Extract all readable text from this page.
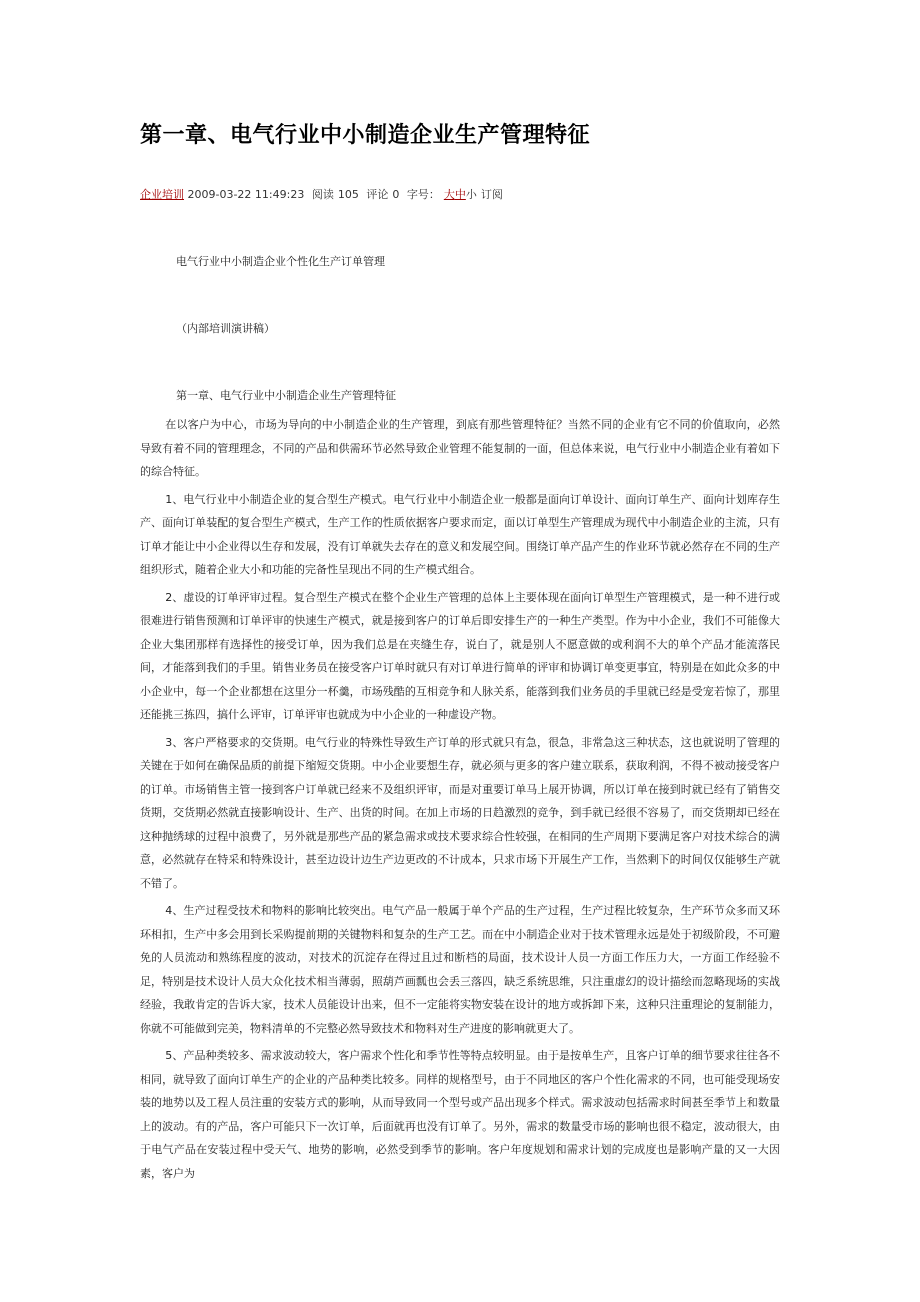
第一章、电气行业中小制造企业生产管理特征
企业培训 2009-03-22 11:49:23 阅读 105 评论 0 字号： 大中小 订阅
电气行业中小制造企业个性化生产订单管理
（内部培训演讲稿）
第一章、电气行业中小制造企业生产管理特征

在以客户为中心，市场为导向的中小制造企业的生产管理，到底有那些管理特征？当然不同的企业有它不同的价值取向，必然导致有着不同的管理理念，不同的产品和供需环节必然导致企业管理不能复制的一面，但总体来说，电气行业中小制造企业有着如下的综合特征。

1、电气行业中小制造企业的复合型生产模式。电气行业中小制造企业一般都是面向订单设计、面向订单生产、面向计划库存生产、面向订单装配的复合型生产模式，生产工作的性质依据客户要求而定，面以订单型生产管理成为现代中小制造企业的主流，只有订单才能让中小企业得以生存和发展，没有订单就失去存在的意义和发展空间。围绕订单产品产生的作业环节就必然存在不同的生产组织形式，随着企业大小和功能的完备性呈现出不同的生产模式组合。

2、虚设的订单评审过程。复合型生产模式在整个企业生产管理的总体上主要体现在面向订单型生产管理模式，是一种不进行或很难进行销售预测和订单评审的快速生产模式，就是接到客户的订单后即安排生产的一种生产类型。作为中小企业，我们不可能像大企业大集团那样有选择性的接受订单，因为我们总是在夹缝生存，说白了，就是别人不愿意做的或利润不大的单个产品才能流落民间，才能落到我们的手里。销售业务员在接受客户订单时就只有对订单进行简单的评审和协调订单变更事宜，特别是在如此众多的中小企业中，每一个企业都想在这里分一杯羹，市场残酷的互相竞争和人脉关系，能落到我们业务员的手里就已经是受宠若惊了，那里还能挑三拣四，搞什么评审，订单评审也就成为中小企业的一种虚设产物。

3、客户严格要求的交货期。电气行业的特殊性导致生产订单的形式就只有急，很急，非常急这三种状态，这也就说明了管理的关键在于如何在确保品质的前提下缩短交货期。中小企业要想生存，就必须与更多的客户建立联系，获取利润，不得不被动接受客户的订单。市场销售主管一接到客户订单就已经来不及组织评审，而是对重要订单马上展开协调，所以订单在接到时就已经有了销售交货期，交货期必然就直接影响设计、生产、出货的时间。在加上市场的日趋激烈的竞争，到手就已经很不容易了，而交货期却已经在这种抛绣球的过程中浪费了，另外就是那些产品的紧急需求或技术要求综合性较强，在相同的生产周期下要满足客户对技术综合的满意，必然就存在特采和特殊设计，甚至边设计边生产边更改的不计成本，只求市场下开展生产工作，当然剩下的时间仅仅能够生产就不错了。

4、生产过程受技术和物料的影响比较突出。电气产品一般属于单个产品的生产过程，生产过程比较复杂，生产环节众多而又环环相扣，生产中多会用到长采购提前期的关键物料和复杂的生产工艺。而在中小制造企业对于技术管理永远是处于初级阶段，不可避免的人员流动和熟练程度的波动，对技术的沉淀存在得过且过和断档的局面，技术设计人员一方面工作压力大，一方面工作经验不足，特别是技术设计人员大众化技术相当薄弱，照葫芦画瓢也会丢三落四，缺乏系统思维，只注重虚幻的设计描绘而忽略现场的实战经验，我敢肯定的告诉大家，技术人员能设计出来，但不一定能将实物安装在设计的地方或拆卸下来，这种只注重理论的复制能力，你就不可能做到完美，物料清单的不完整必然导致技术和物料对生产进度的影响就更大了。

5、产品种类较多、需求波动较大，客户需求个性化和季节性等特点较明显。由于是按单生产，且客户订单的细节要求往往各不相同，就导致了面向订单生产的企业的产品种类比较多。同样的规格型号，由于不同地区的客户个性化需求的不同，也可能受现场安装的地势以及工程人员注重的安装方式的影响，从而导致同一个型号或产品出现多个样式。需求波动包括需求时间甚至季节上和数量上的波动。有的产品，客户可能只下一次订单，后面就再也没有订单了。另外，需求的数量受市场的影响也很不稳定，波动很大，由于电气产品在安装过程中受天气、地势的影响，必然受到季节的影响。客户年度规划和需求计划的完成度也是影响产量的又一大因素，客户为
